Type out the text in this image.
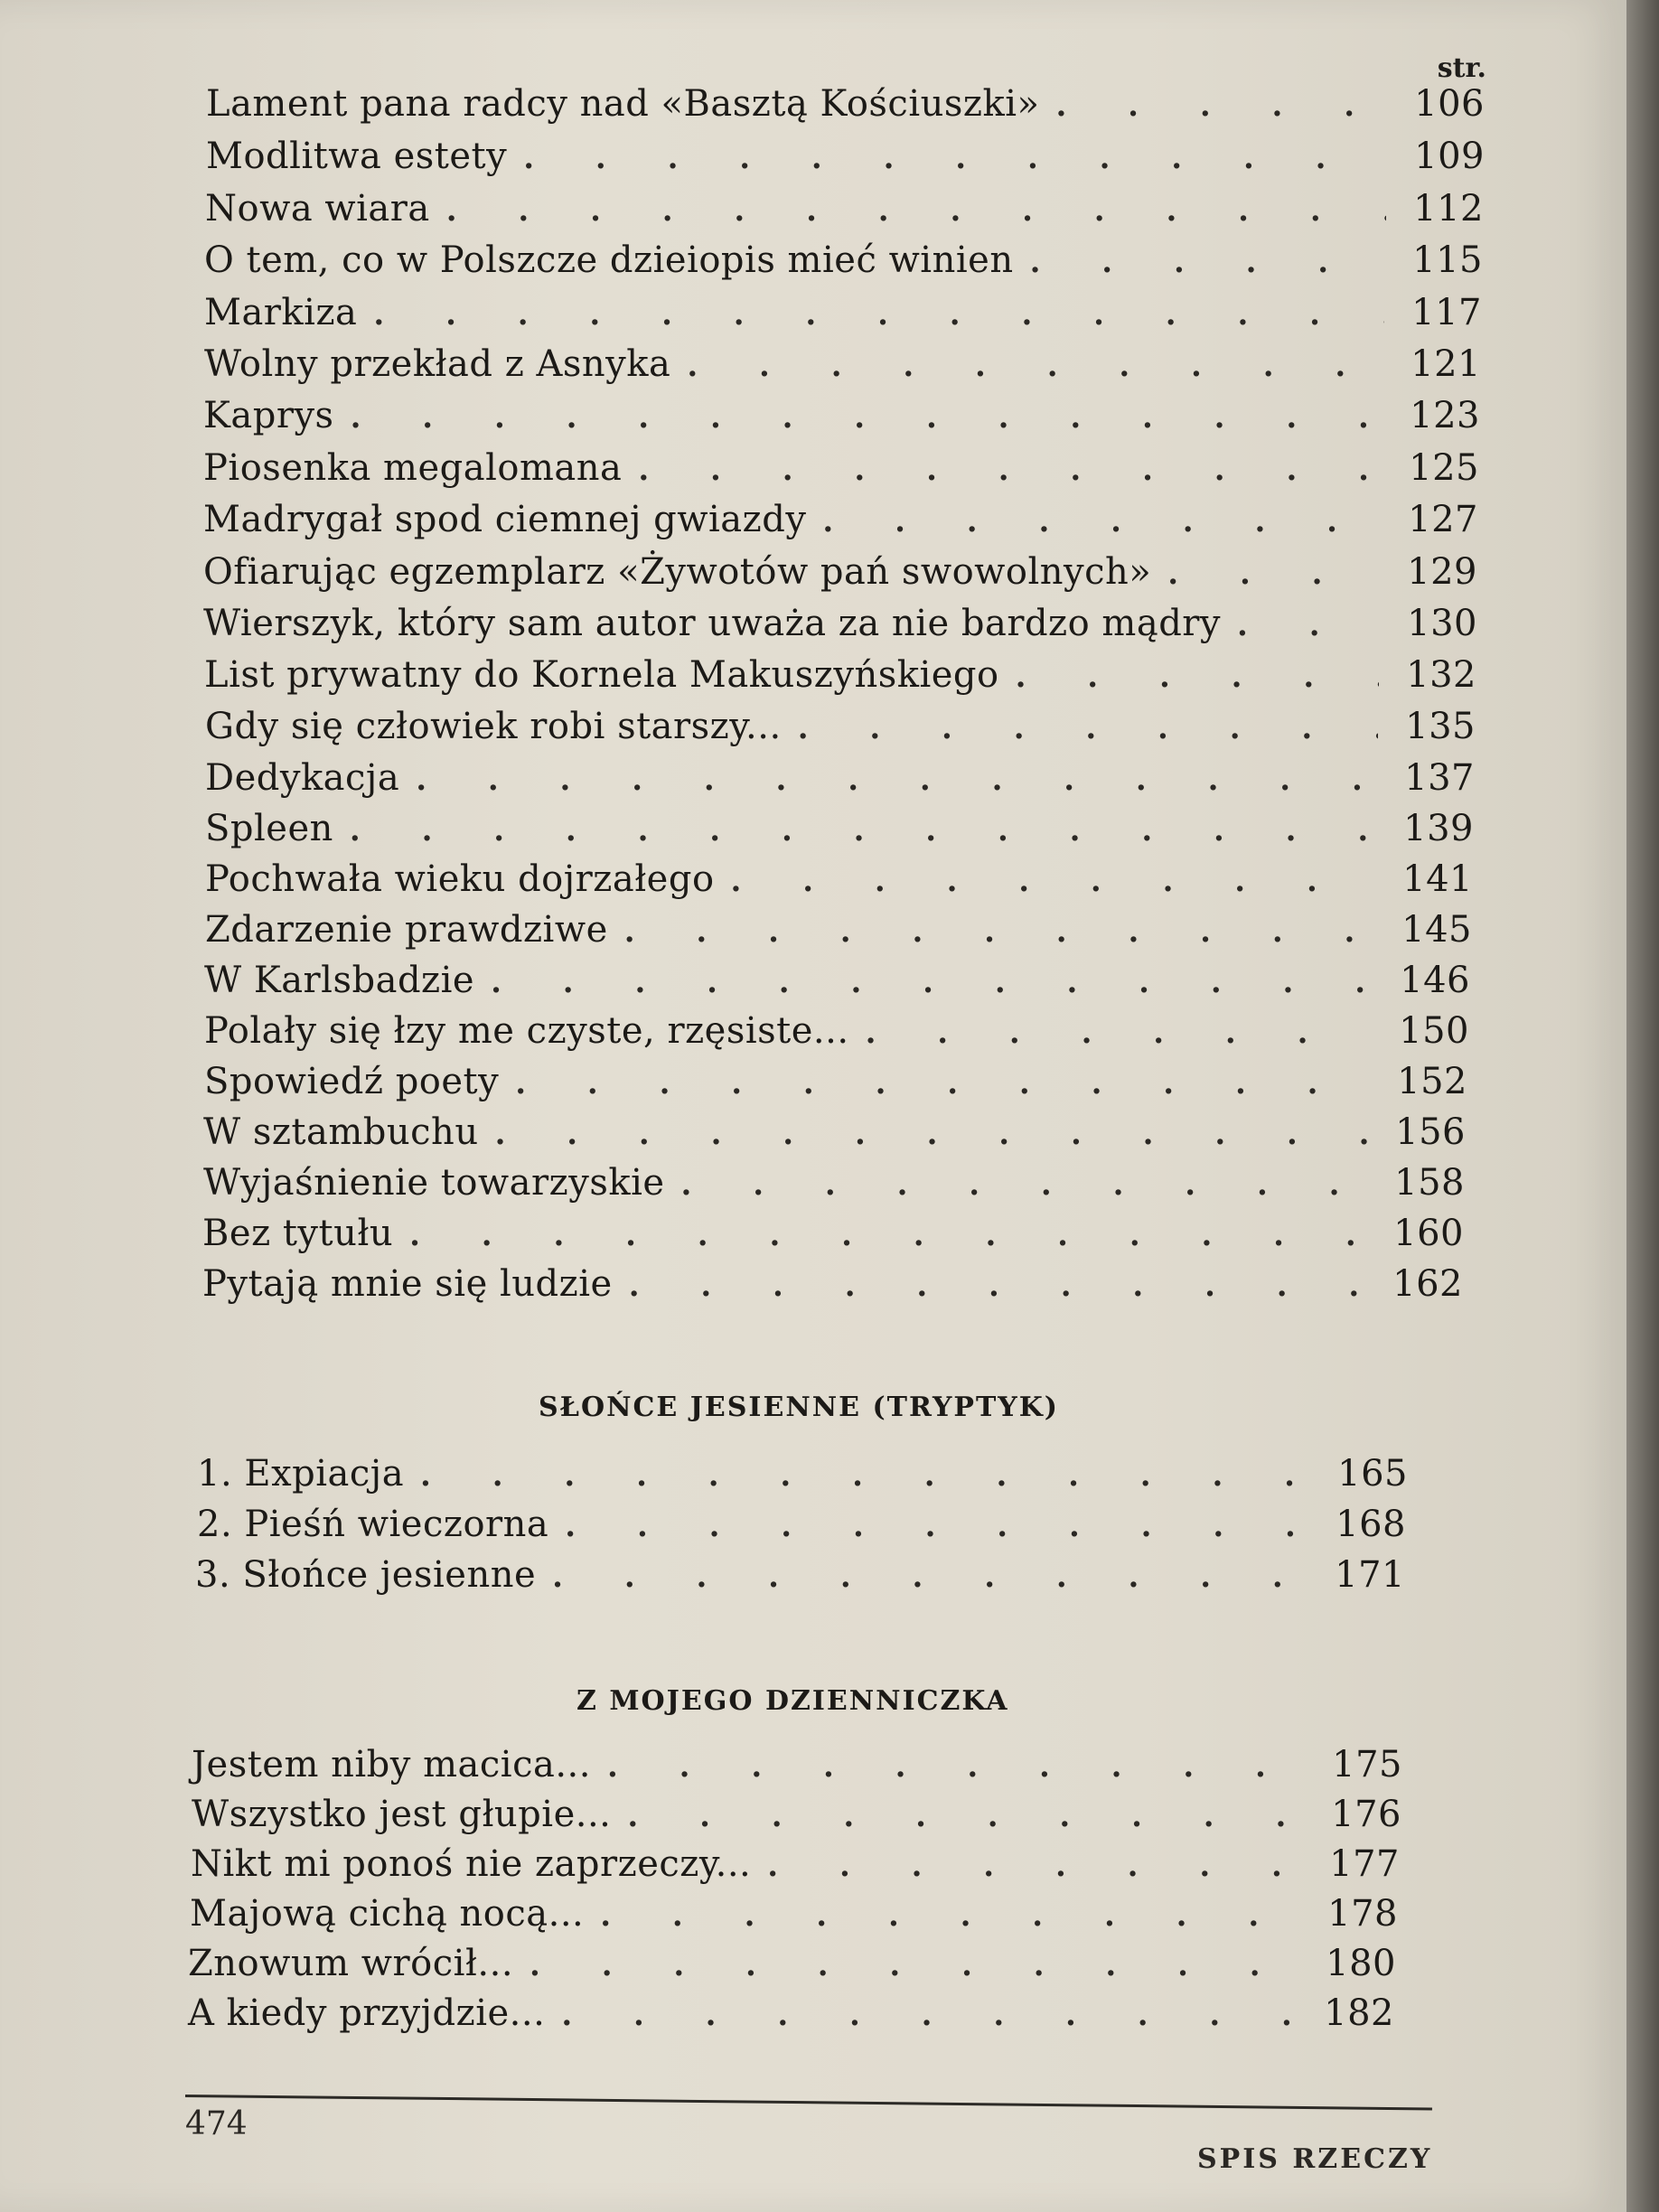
str.
Lament pana radcy nad «Basztą Kościuszki» . . .	106
Modlitwa estety . . .	109
Nowa wiara . . .	112
O tem, co w Polszcze dzieiopis mieć winien . . .	115
Markiza . . .	117
Wolny przekład z Asnyka . . .	121
Kaprys . . .	123
Piosenka megalomana . . .	125
Madrygał spod ciemnej gwiazdy . . .	127
Ofiarując egzemplarz «Żywotów pań swowolnych» . . .	129
Wierszyk, który sam autor uważa za nie bardzo mądry . . .	130
List prywatny do Kornela Makuszyńskiego . . .	132
Gdy się człowiek robi starszy... . . .	135
Dedykacja . . .	137
Spleen . . .	139
Pochwała wieku dojrzałego . . .	141
Zdarzenie prawdziwe . . .	145
W Karlsbadzie . . .	146
Polały się łzy me czyste, rzęsiste... . . .	150
Spowiedź poety . . .	152
W sztambuchu . . .	156
Wyjaśnienie towarzyskie . . .	158
Bez tytułu . . .	160
Pytają mnie się ludzie . . .	162
SŁOŃCE JESIENNE (TRYPTYK)
1. Expiacja . . .	165
2. Pieśń wieczorna . . .	168
3. Słońce jesienne . . .	171
Z MOJEGO DZIENNICZKA
Jestem niby macica... . . .	175
Wszystko jest głupie... . . .	176
Nikt mi ponoś nie zaprzeczy... . . .	177
Majową cichą nocą... . . .	178
Znowum wrócił... . . .	180
A kiedy przyjdzie... . . .	182
474
SPIS RZECZY
